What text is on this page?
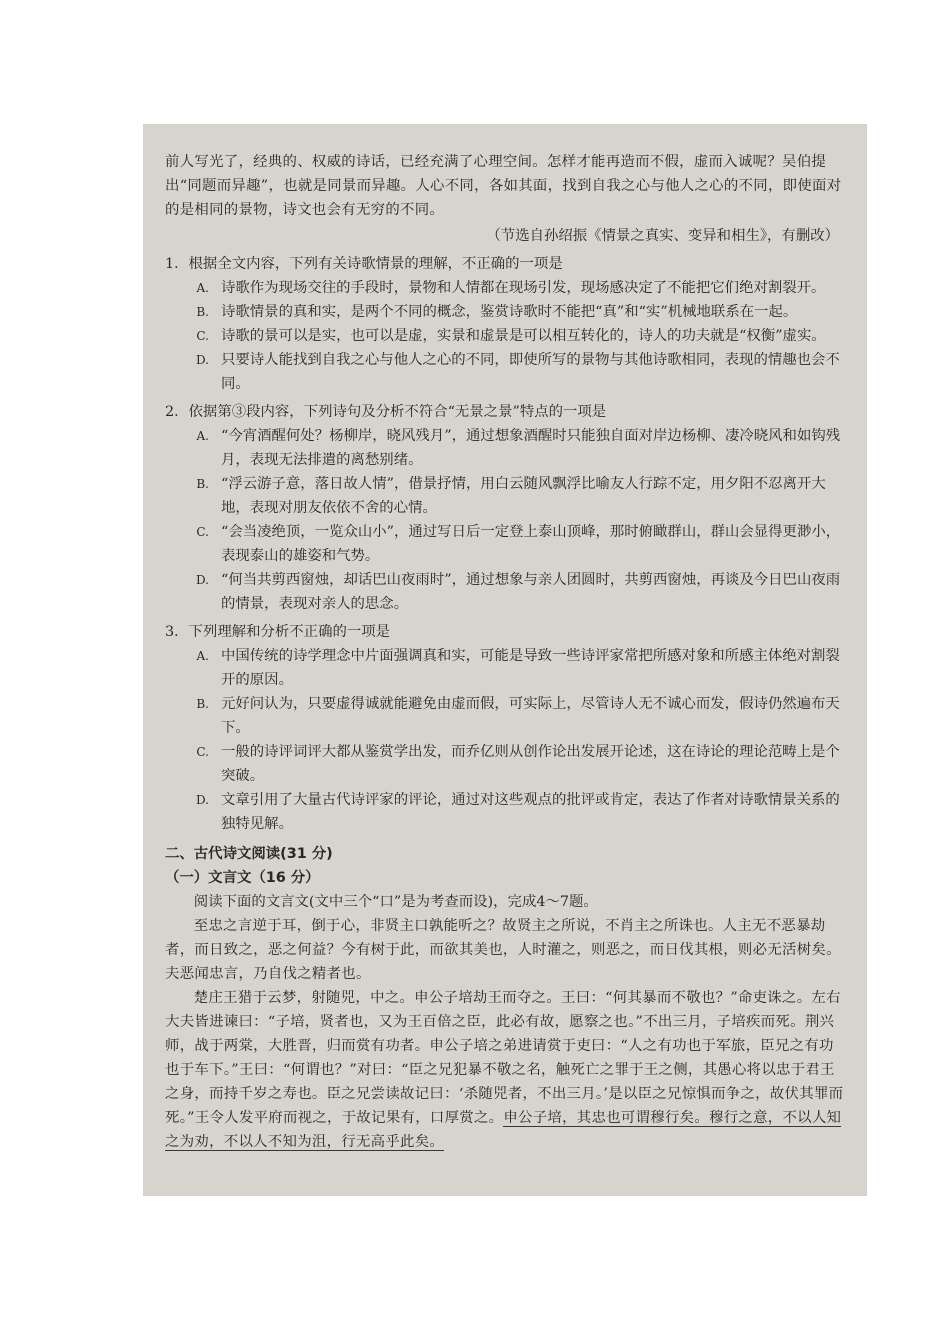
前人写光了，经典的、权威的诗话，已经充满了心理空间。怎样才能再造而不假，虚而入诚呢？吴伯提出“同题而异趣”，也就是同景而异趣。人心不同，各如其面，找到自我之心与他人之心的不同，即使面对的是相同的景物，诗文也会有无穷的不同。

（节选自孙绍振《情景之真实、变异和相生》，有删改）

1．根据全文内容，下列有关诗歌情景的理解，不正确的一项是

A. 诗歌作为现场交往的手段时，景物和人情都在现场引发，现场感决定了不能把它们绝对割裂开。
B. 诗歌情景的真和实，是两个不同的概念，鉴赏诗歌时不能把“真”和“实”机械地联系在一起。
C. 诗歌的景可以是实，也可以是虚，实景和虚景是可以相互转化的，诗人的功夫就是“权衡”虚实。
D. 只要诗人能找到自我之心与他人之心的不同，即使所写的景物与其他诗歌相同，表现的情趣也会不同。

2．依据第③段内容，下列诗句及分析不符合“无景之景”特点的一项是

A. “今宵酒醒何处？杨柳岸，晓风残月”，通过想象酒醒时只能独自面对岸边杨柳、凄冷晓风和如钩残月，表现无法排遣的离愁别绪。
B. “浮云游子意，落日故人情”，借景抒情，用白云随风飘浮比喻友人行踪不定，用夕阳不忍离开大地，表现对朋友依依不舍的心情。
C. “会当凌绝顶，一览众山小”，通过写日后一定登上泰山顶峰，那时俯瞰群山，群山会显得更渺小，表现泰山的雄姿和气势。
D. “何当共剪西窗烛，却话巴山夜雨时”，通过想象与亲人团圆时，共剪西窗烛，再谈及今日巴山夜雨的情景，表现对亲人的思念。

3．下列理解和分析不正确的一项是

A. 中国传统的诗学理念中片面强调真和实，可能是导致一些诗评家常把所感对象和所感主体绝对割裂开的原因。
B. 元好问认为，只要虚得诚就能避免由虚而假，可实际上，尽管诗人无不诚心而发，假诗仍然遍布天下。
C. 一般的诗评词评大都从鉴赏学出发，而乔亿则从创作论出发展开论述，这在诗论的理论范畴上是个突破。
D. 文章引用了大量古代诗评家的评论，通过对这些观点的批评或肯定，表达了作者对诗歌情景关系的独特见解。

二、古代诗文阅读(31 分)

（一）文言文（16 分）

阅读下面的文言文(文中三个“口”是为考查而设)，完成4～7题。

至忠之言逆于耳，倒于心，非贤主口孰能听之？故贤主之所说，不肖主之所诛也。人主无不恶暴劫者，而日致之，恶之何益？今有树于此，而欲其美也，人时灌之，则恶之，而日伐其根，则必无活树矣。夫恶闻忠言，乃自伐之精者也。

楚庄王猎于云梦，射随兕，中之。申公子培劫王而夺之。王曰：“何其暴而不敬也？”命吏诛之。左右大夫皆进谏曰：“子培，贤者也，又为王百倍之臣，此必有故，愿察之也。”不出三月，子培疾而死。荆兴师，战于两棠，大胜晋，归而赏有功者。申公子培之弟进请赏于吏曰：“人之有功也于军旅，臣兄之有功也于车下。”王曰：“何谓也？”对曰：“臣之兄犯暴不敬之名，触死亡之罪于王之侧，其愚心将以忠于君王之身，而持千岁之寿也。臣之兄尝读故记曰：‘杀随兕者，不出三月。’是以臣之兄惊惧而争之，故伏其罪而死。”王令人发平府而视之，于故记果有，口厚赏之。申公子培，其忠也可谓穆行矣。穆行之意，不以人知之为劝，不以人不知为沮，行无高乎此矣。
